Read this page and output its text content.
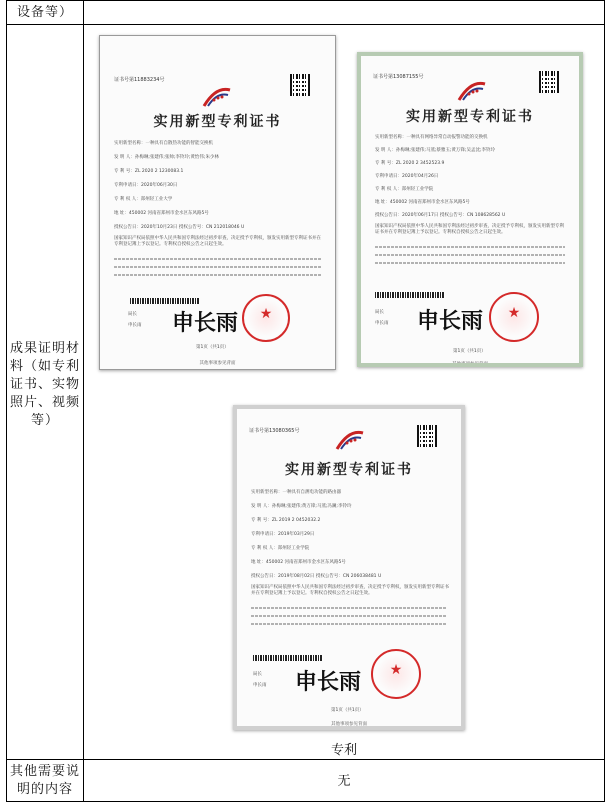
设备等）
成果证明材
料（如专利
证书、实物
照片、视频
等）
专利
其他需要说
明的内容
无
证书号第11883234号
实用新型专利证书
实用新型名称：一种具有自散热功能的智能交换机
发 明 人：孙梅琳;张建伟;张帅;李铃玲;黄怡伟;朱少林
专 利 号：ZL 2020 2 1230083.1
专利申请日：2020年06月30日
专 利 权 人：郑州轻工业大学
地 址：450002 河南省郑州市金水区东风路5号
授权公告日：2020年10月23日 授权公告号：CN 212018046 U
国家知识产权局依照中华人民共和国专利法经过初步审查，决定授予专利权，颁发实用新型专利证书并在专利登记簿上予以登记。专利权自授权公告之日起生效。
局长
申长雨 申长雨
★
第1页（共1页）
其他事项参见背面
证书号第13087155号
实用新型专利证书
实用新型名称：一种具有网络异常自动报警功能的交换机
发 明 人：孙梅琳;张建伟;马蒸;蔡雅玉;黄万锋;吴孟沈;李铃玲
专 利 号：ZL 2020 2 3452523.9
专利申请日：2020年04月26日
专 利 权 人：郑州轻工业学院
地 址：450002 河南省郑州市金水区东风路5号
授权公告日：2020年06月17日 授权公告号：CN 108628562 U
国家知识产权局依照中华人民共和国专利法经过初步审查，决定授予专利权，颁发实用新型专利证书并在专利登记簿上予以登记。专利权自授权公告之日起生效。
局长
申长雨 申长雨
★
第1页（共1页）
其他事项参见背面
证书号第13080365号
实用新型专利证书
实用新型名称：一种具有自测电功能的路由器
发 明 人：孙梅琳;张建伟;黄万锋;马蒸;冯澜;李铃玲
专 利 号：ZL 2019 2 0452032.2
专利申请日：2019年03月29日
专 利 权 人：郑州轻工业学院
地 址：450002 河南省郑州市金水区东风路5号
授权公告日：2019年08月02日 授权公告号：CN 206038481 U
国家知识产权局依照中华人民共和国专利法经过初步审查，决定授予专利权，颁发实用新型专利证书并在专利登记簿上予以登记。专利权自授权公告之日起生效。
局长
申长雨 申长雨
★
第1页（共1页）
其他事项参见背面
